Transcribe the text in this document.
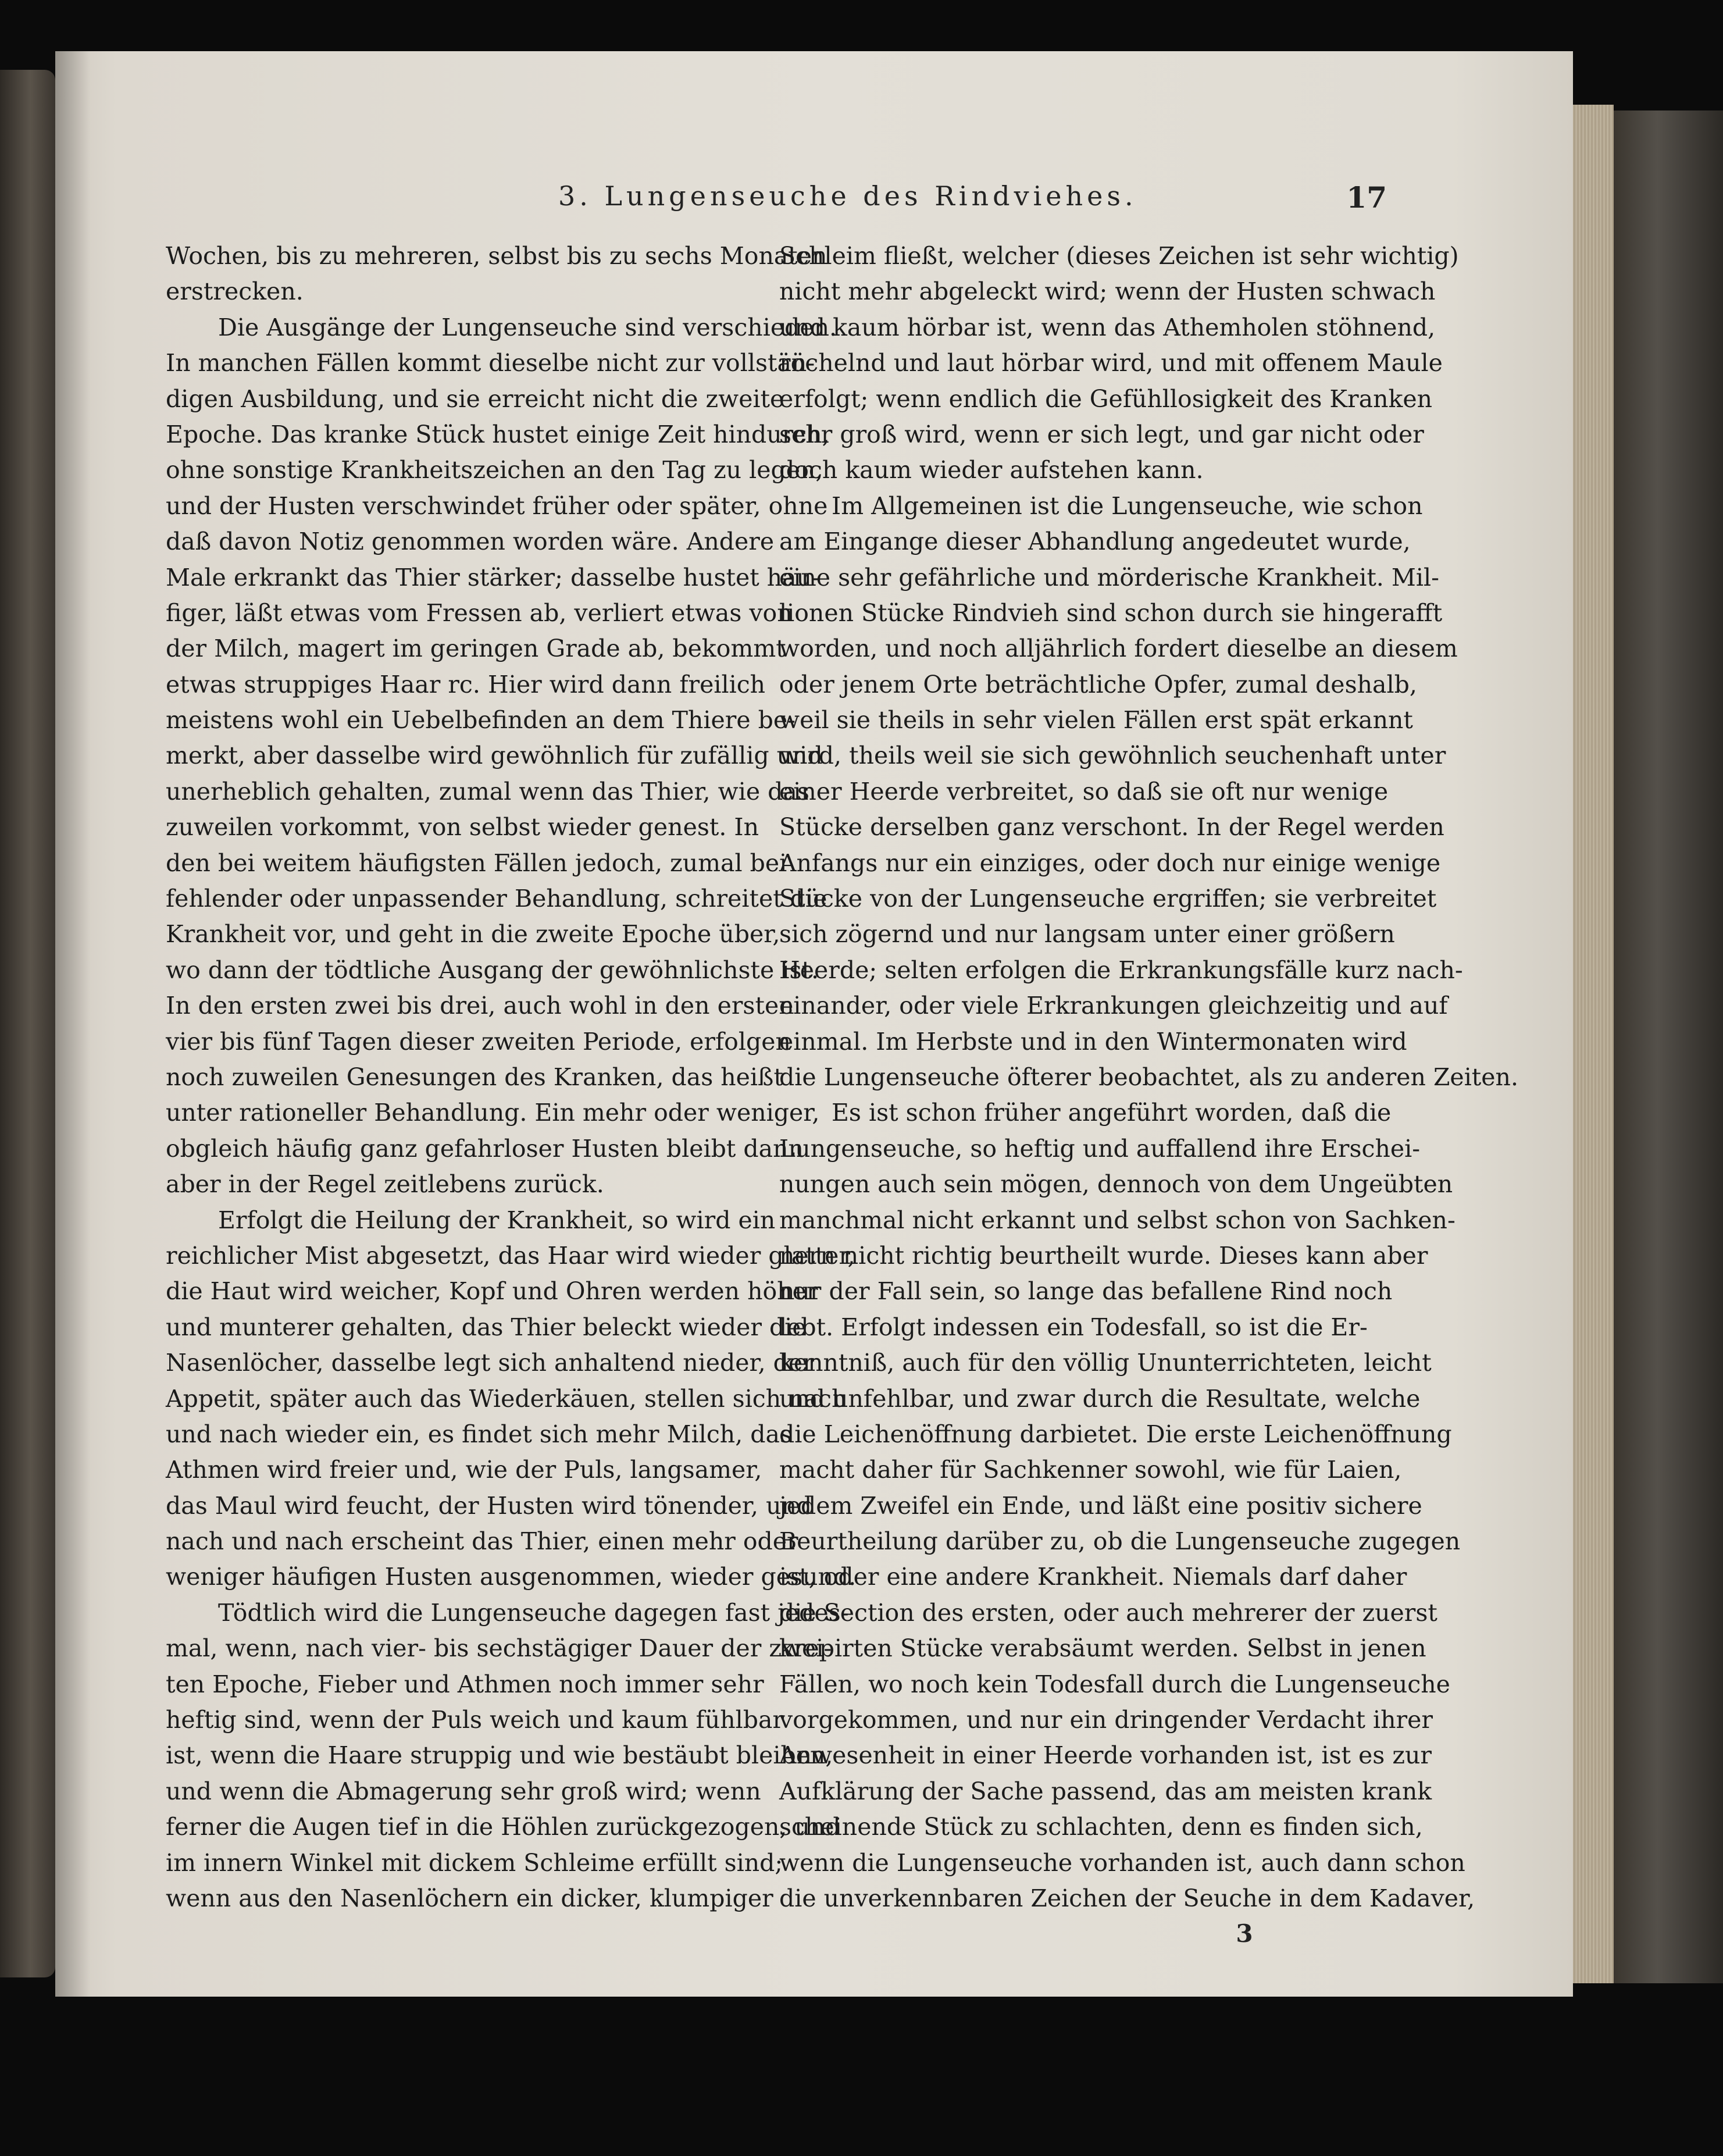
3. Lungenseuche des Rindviehes.	17
Wochen, bis zu mehreren, selbst bis zu sechs Monaten
erstrecken.
Die Ausgänge der Lungenseuche sind verschieden.
In manchen Fällen kommt dieselbe nicht zur vollstän-
digen Ausbildung, und sie erreicht nicht die zweite
Epoche. Das kranke Stück hustet einige Zeit hindurch,
ohne sonstige Krankheitszeichen an den Tag zu legen,
und der Husten verschwindet früher oder später, ohne
daß davon Notiz genommen worden wäre. Andere
Male erkrankt das Thier stärker; dasselbe hustet häu-
figer, läßt etwas vom Fressen ab, verliert etwas von
der Milch, magert im geringen Grade ab, bekommt
etwas struppiges Haar rc. Hier wird dann freilich
meistens wohl ein Uebelbefinden an dem Thiere be-
merkt, aber dasselbe wird gewöhnlich für zufällig und
unerheblich gehalten, zumal wenn das Thier, wie das
zuweilen vorkommt, von selbst wieder genest. In
den bei weitem häufigsten Fällen jedoch, zumal bei
fehlender oder unpassender Behandlung, schreitet die
Krankheit vor, und geht in die zweite Epoche über,
wo dann der tödtliche Ausgang der gewöhnlichste ist.
In den ersten zwei bis drei, auch wohl in den ersten
vier bis fünf Tagen dieser zweiten Periode, erfolgen
noch zuweilen Genesungen des Kranken, das heißt
unter rationeller Behandlung. Ein mehr oder weniger,
obgleich häufig ganz gefahrloser Husten bleibt dann
aber in der Regel zeitlebens zurück.
Erfolgt die Heilung der Krankheit, so wird ein
reichlicher Mist abgesetzt, das Haar wird wieder glatter,
die Haut wird weicher, Kopf und Ohren werden höher
und munterer gehalten, das Thier beleckt wieder die
Nasenlöcher, dasselbe legt sich anhaltend nieder, der
Appetit, später auch das Wiederkäuen, stellen sich nach
und nach wieder ein, es findet sich mehr Milch, das
Athmen wird freier und, wie der Puls, langsamer,
das Maul wird feucht, der Husten wird tönender, und
nach und nach erscheint das Thier, einen mehr oder
weniger häufigen Husten ausgenommen, wieder gesund.
Tödtlich wird die Lungenseuche dagegen fast jedes-
mal, wenn, nach vier- bis sechstägiger Dauer der zwei-
ten Epoche, Fieber und Athmen noch immer sehr
heftig sind, wenn der Puls weich und kaum fühlbar
ist, wenn die Haare struppig und wie bestäubt bleiben,
und wenn die Abmagerung sehr groß wird; wenn
ferner die Augen tief in die Höhlen zurückgezogen, und
im innern Winkel mit dickem Schleime erfüllt sind;
wenn aus den Nasenlöchern ein dicker, klumpiger
Schleim fließt, welcher (dieses Zeichen ist sehr wichtig)
nicht mehr abgeleckt wird; wenn der Husten schwach
und kaum hörbar ist, wenn das Athemholen stöhnend,
röchelnd und laut hörbar wird, und mit offenem Maule
erfolgt; wenn endlich die Gefühllosigkeit des Kranken
sehr groß wird, wenn er sich legt, und gar nicht oder
doch kaum wieder aufstehen kann.
Im Allgemeinen ist die Lungenseuche, wie schon
am Eingange dieser Abhandlung angedeutet wurde,
eine sehr gefährliche und mörderische Krankheit. Mil-
lionen Stücke Rindvieh sind schon durch sie hingerafft
worden, und noch alljährlich fordert dieselbe an diesem
oder jenem Orte beträchtliche Opfer, zumal deshalb,
weil sie theils in sehr vielen Fällen erst spät erkannt
wird, theils weil sie sich gewöhnlich seuchenhaft unter
einer Heerde verbreitet, so daß sie oft nur wenige
Stücke derselben ganz verschont. In der Regel werden
Anfangs nur ein einziges, oder doch nur einige wenige
Stücke von der Lungenseuche ergriffen; sie verbreitet
sich zögernd und nur langsam unter einer größern
Heerde; selten erfolgen die Erkrankungsfälle kurz nach-
einander, oder viele Erkrankungen gleichzeitig und auf
einmal. Im Herbste und in den Wintermonaten wird
die Lungenseuche öfterer beobachtet, als zu anderen Zeiten.
Es ist schon früher angeführt worden, daß die
Lungenseuche, so heftig und auffallend ihre Erschei-
nungen auch sein mögen, dennoch von dem Ungeübten
manchmal nicht erkannt und selbst schon von Sachken-
nern nicht richtig beurtheilt wurde. Dieses kann aber
nur der Fall sein, so lange das befallene Rind noch
lebt. Erfolgt indessen ein Todesfall, so ist die Er-
kenntniß, auch für den völlig Ununterrichteten, leicht
und unfehlbar, und zwar durch die Resultate, welche
die Leichenöffnung darbietet. Die erste Leichenöffnung
macht daher für Sachkenner sowohl, wie für Laien,
jedem Zweifel ein Ende, und läßt eine positiv sichere
Beurtheilung darüber zu, ob die Lungenseuche zugegen
ist, oder eine andere Krankheit. Niemals darf daher
die Section des ersten, oder auch mehrerer der zuerst
krepirten Stücke verabsäumt werden. Selbst in jenen
Fällen, wo noch kein Todesfall durch die Lungenseuche
vorgekommen, und nur ein dringender Verdacht ihrer
Anwesenheit in einer Heerde vorhanden ist, ist es zur
Aufklärung der Sache passend, das am meisten krank
scheinende Stück zu schlachten, denn es finden sich,
wenn die Lungenseuche vorhanden ist, auch dann schon
die unverkennbaren Zeichen der Seuche in dem Kadaver,
3
